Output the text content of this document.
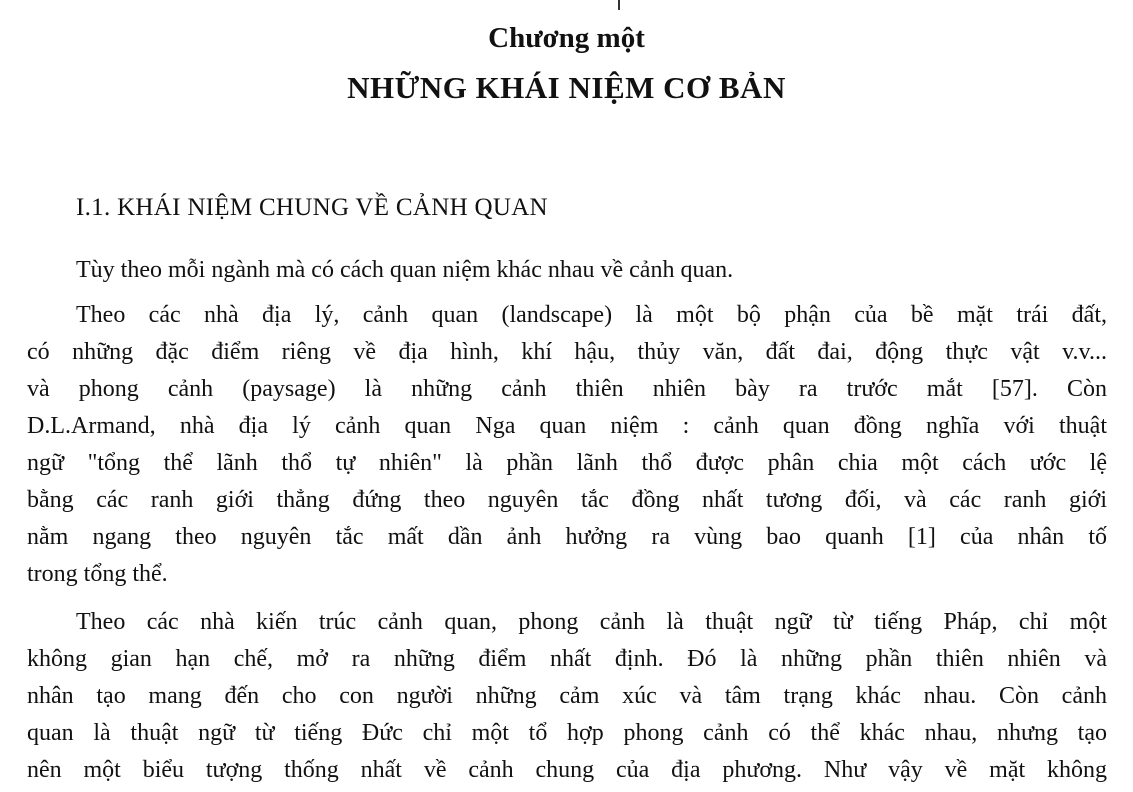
Chương một
NHỮNG KHÁI NIỆM CƠ BẢN
I.1. KHÁI NIỆM CHUNG VỀ CẢNH QUAN
Tùy theo mỗi ngành mà có cách quan niệm khác nhau về cảnh quan.
Theo các nhà địa lý, cảnh quan (landscape) là một bộ phận của bề mặt trái đất,
có những đặc điểm riêng về địa hình, khí hậu, thủy văn, đất đai, động thực vật v.v...
và phong cảnh (paysage) là những cảnh thiên nhiên bày ra trước mắt [57]. Còn
D.L.Armand, nhà địa lý cảnh quan Nga quan niệm : cảnh quan đồng nghĩa với thuật
ngữ "tổng thể lãnh thổ tự nhiên" là phần lãnh thổ được phân chia một cách ước lệ
bằng các ranh giới thẳng đứng theo nguyên tắc đồng nhất tương đối, và các ranh giới
nằm ngang theo nguyên tắc mất dần ảnh hưởng ra vùng bao quanh [1] của nhân tố
trong tổng thể.
Theo các nhà kiến trúc cảnh quan, phong cảnh là thuật ngữ từ tiếng Pháp, chỉ một
không gian hạn chế, mở ra những điểm nhất định. Đó là những phần thiên nhiên và
nhân tạo mang đến cho con người những cảm xúc và tâm trạng khác nhau. Còn cảnh
quan là thuật ngữ từ tiếng Đức chỉ một tổ hợp phong cảnh có thể khác nhau, nhưng tạo
nên một biểu tượng thống nhất về cảnh chung của địa phương. Như vậy về mặt không
